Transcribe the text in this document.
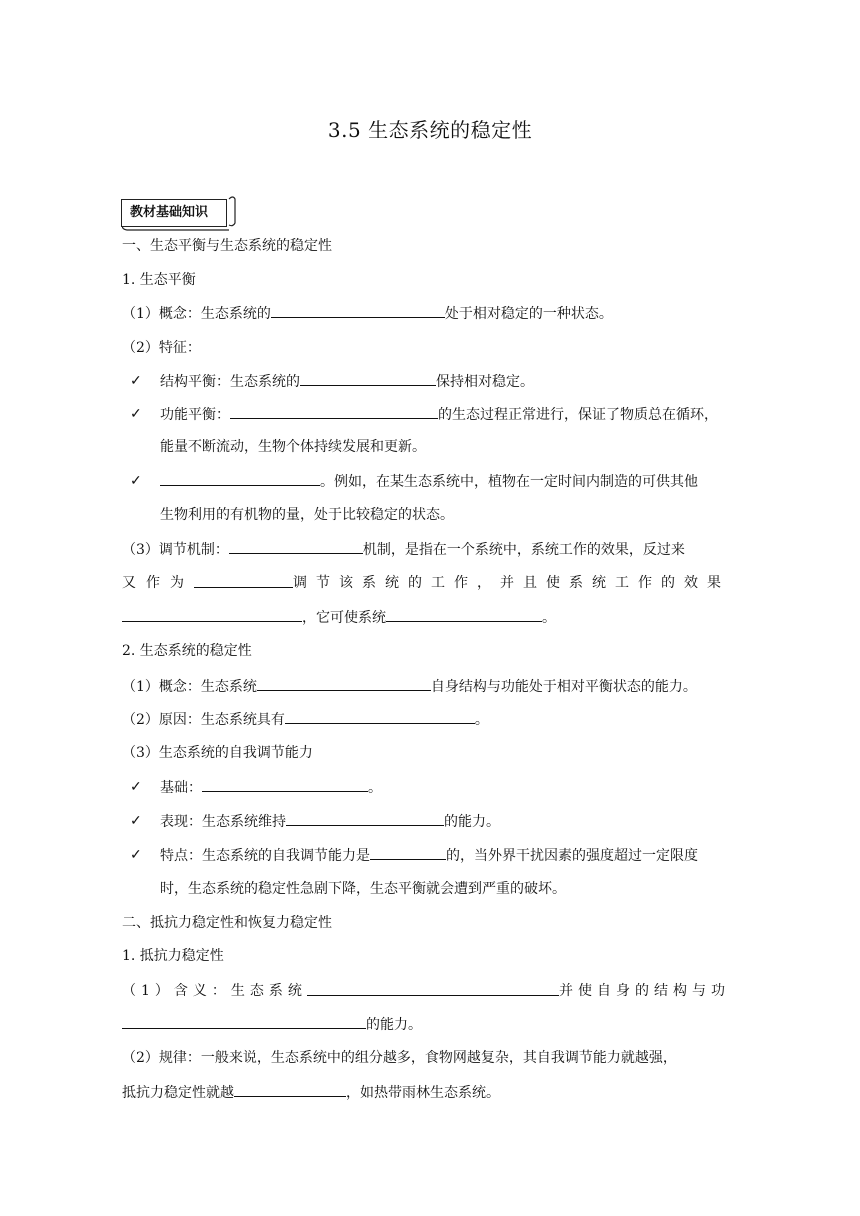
3.5 生态系统的稳定性
教材基础知识
一、生态平衡与生态系统的稳定性
1. 生态平衡
（1）概念：生态系统的	处于相对稳定的一种状态。
（2）特征：
✓ 结构平衡：生态系统的	保持相对稳定。
✓ 功能平衡：	的生态过程正常进行，保证了物质总在循环，
能量不断流动，生物个体持续发展和更新。
✓	。例如，在某生态系统中，植物在一定时间内制造的可供其他
生物利用的有机物的量，处于比较稳定的状态。
（3）调节机制：	机制，是指在一个系统中，系统工作的效果，反过来
又作为	调节该系统的工作，并且使系统工作的效果
，它可使系统	。
2. 生态系统的稳定性
（1）概念：生态系统	自身结构与功能处于相对平衡状态的能力。
（2）原因：生态系统具有	。
（3）生态系统的自我调节能力
✓ 基础：	。
✓ 表现：生态系统维持	的能力。
✓ 特点：生态系统的自我调节能力是	的，当外界干扰因素的强度超过一定限度
时，生态系统的稳定性急剧下降，生态平衡就会遭到严重的破坏。
二、抵抗力稳定性和恢复力稳定性
1. 抵抗力稳定性
（1）含义：生态系统	并使自身的结构与功
的能力。
（2）规律：一般来说，生态系统中的组分越多，食物网越复杂，其自我调节能力就越强，
抵抗力稳定性就越	，如热带雨林生态系统。
